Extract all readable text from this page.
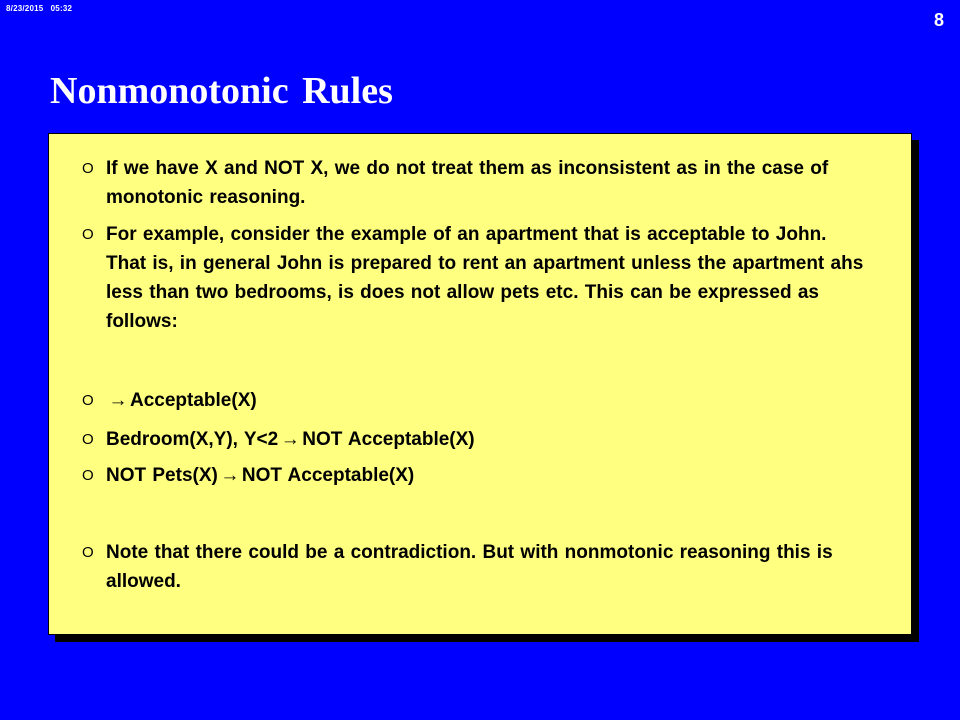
8/23/2015   05:32
8
Nonmonotonic Rules
O If we have X and NOT X, we do not treat them as inconsistent as in the case of monotonic reasoning.
O For example, consider the example of an apartment that is acceptable to John. That is, in general John is prepared to rent an apartment unless the apartment ahs less than two bedrooms, is does not allow pets etc. This can be expressed as follows:
O → Acceptable(X)
O Bedroom(X,Y), Y<2 → NOT Acceptable(X)
O NOT Pets(X) → NOT Acceptable(X)
O Note that there could be a contradiction. But with nonmotonic reasoning this is allowed.
